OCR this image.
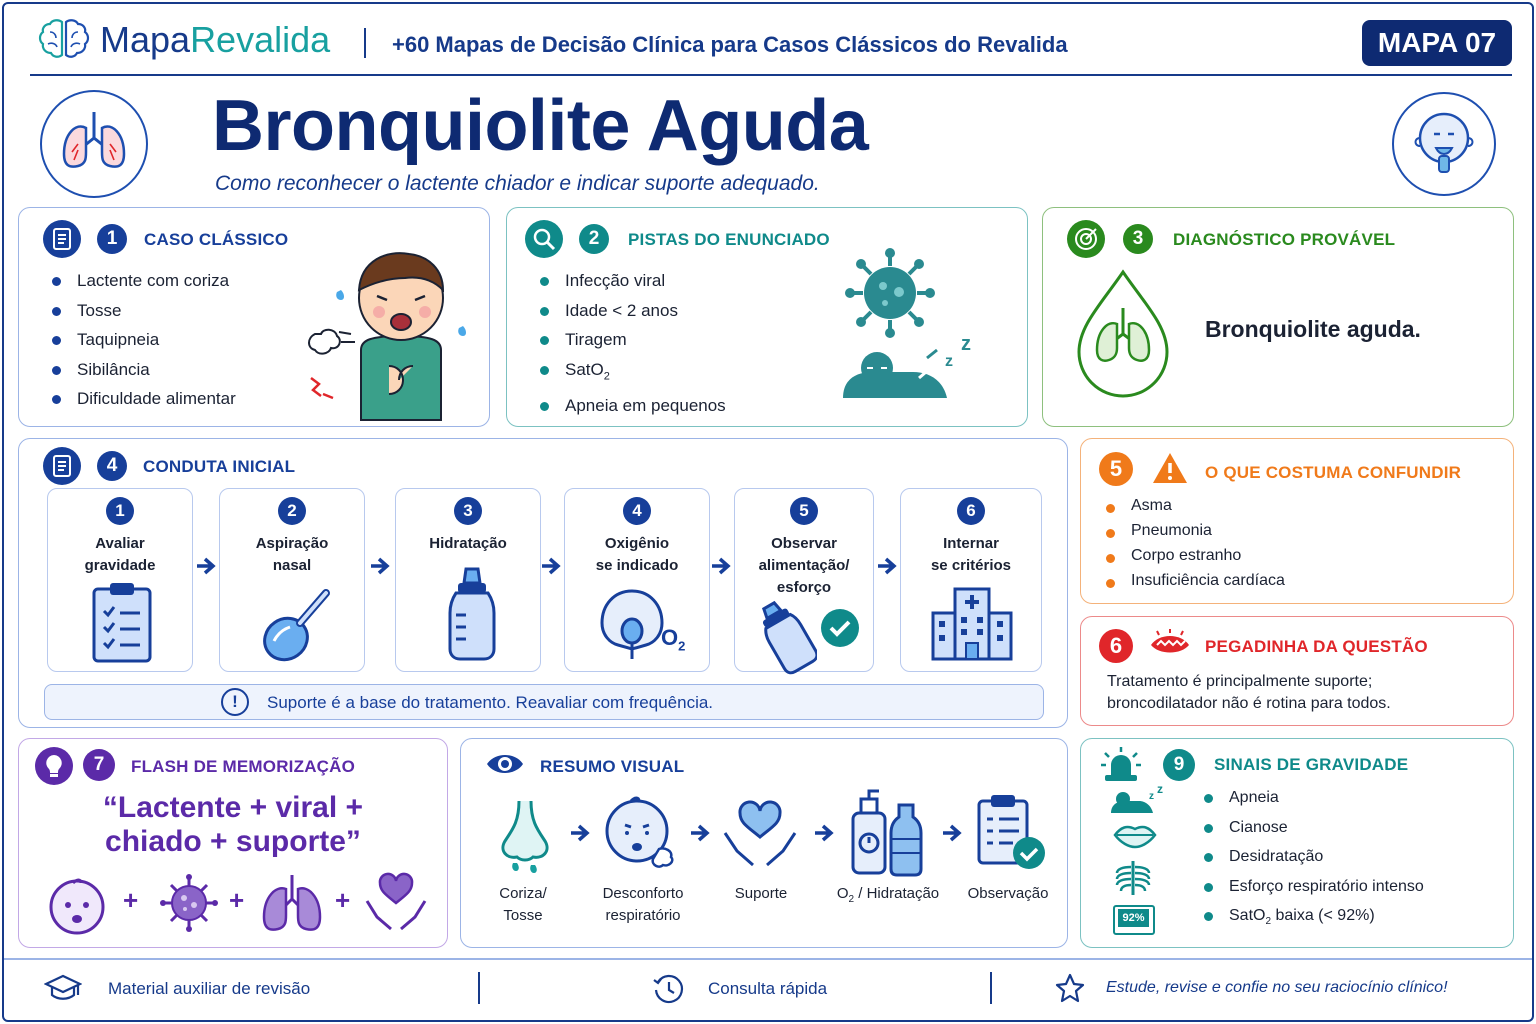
MapaRevalida	+60 Mapas de Decisão Clínica para Casos Clássicos do Revalida	MAPA 07
Bronquiolite Aguda
Como reconhecer o lactente chiador e indicar suporte adequado.
1	CASO CLÁSSICO
Lactente com coriza
Tosse
Taquipneia
Sibilância
Dificuldade alimentar
2	PISTAS DO ENUNCIADO
Infecção viral
Idade < 2 anos
Tiragem
SatO$_2$
Apneia em pequenos
z
z
3	DIAGNÓSTICO PROVÁVEL
Bronquiolite aguda.
4	CONDUTA INICIAL
1
Avaliar
gravidade
2
Aspiração
nasal
3
Hidratação
4
Oxigênio
se indicado
$O_2$
5
Observar
alimentação/
esforço
6
Internar
se critérios
!	Suporte é a base do tratamento. Reavaliar com frequência.
5	O QUE COSTUMA CONFUNDIR
Asma
Pneumonia
Corpo estranho
Insuficiência cardíaca
6	PEGADINHA DA QUESTÃO
Tratamento é principalmente suporte;
broncodilatador não é rotina para todos.
7	FLASH DE MEMORIZAÇÃO
“Lactente + viral +
chiado + suporte”
+	+	+
RESUMO VISUAL
Coriza/
Tosse
Desconforto
respiratório
Suporte	$O_2$ / Hidratação	Observação
9	SINAIS DE GRAVIDADE
z
z
92%
Apneia
Cianose
Desidratação
Esforço respiratório intenso
SatO$_2$ baixa (< 92%)
Material auxiliar de revisão	Consulta rápida	Estude, revise e confie no seu raciocínio clínico!
